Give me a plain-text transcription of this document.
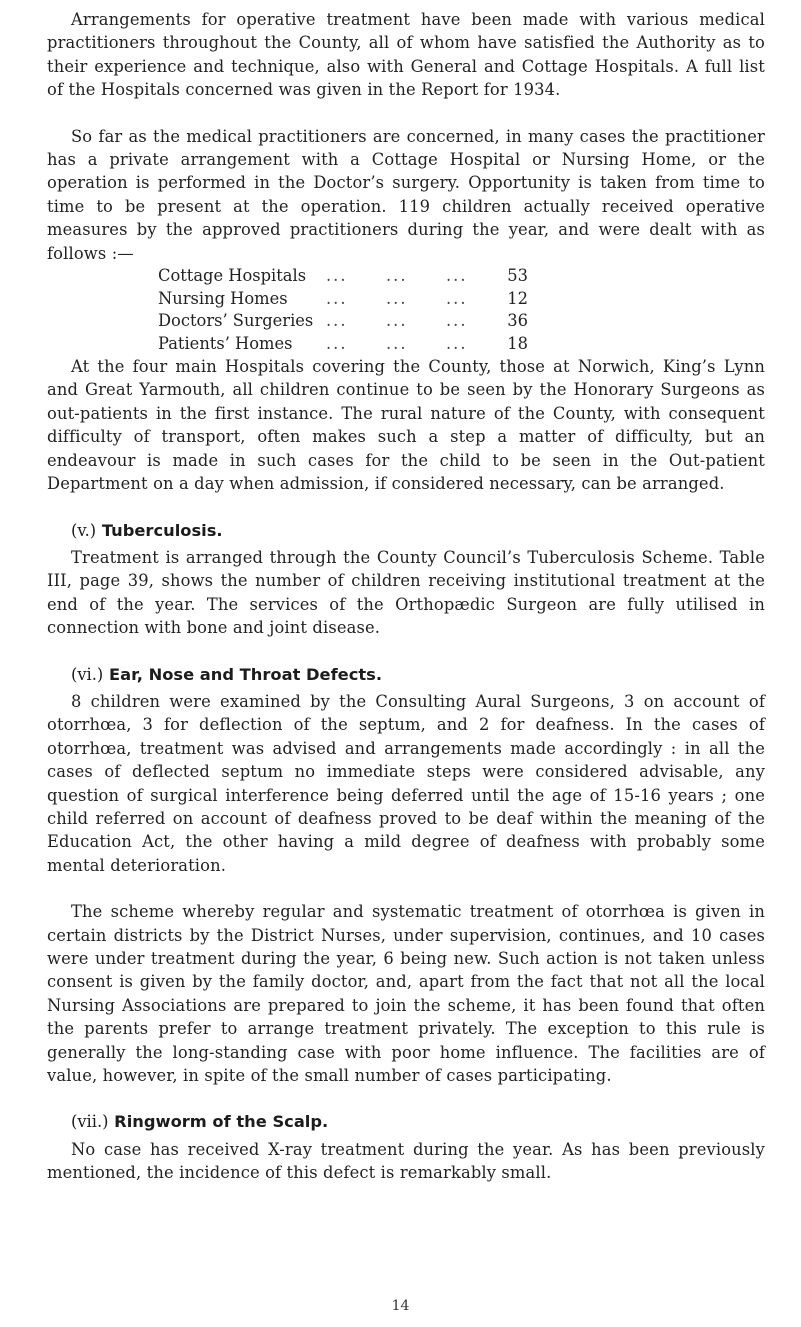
Arrangements for operative treatment have been made with various medical practitioners throughout the County, all of whom have satisfied the Authority as to their experience and technique, also with General and Cottage Hospitals. A full list of the Hospitals concerned was given in the Report for 1934.

So far as the medical practitioners are concerned, in many cases the practitioner has a private arrangement with a Cottage Hospital or Nursing Home, or the operation is performed in the Doctor’s surgery. Opportunity is taken from time to time to be present at the operation. 119 children actually received operative measures by the approved practitioners during the year, and were dealt with as follows :—

Cottage Hospitals	... ... ...	53
Nursing Homes	... ... ...	12
Doctors’ Surgeries	... ... ...	36
Patients’ Homes	... ... ...	18

At the four main Hospitals covering the County, those at Norwich, King’s Lynn and Great Yarmouth, all children continue to be seen by the Honorary Surgeons as out-patients in the first instance. The rural nature of the County, with consequent difficulty of transport, often makes such a step a matter of difficulty, but an endeavour is made in such cases for the child to be seen in the Out-patient Department on a day when admission, if considered necessary, can be arranged.

(v.) Tuberculosis.

Treatment is arranged through the County Council’s Tuberculosis Scheme. Table III, page 39, shows the number of children receiving institutional treatment at the end of the year. The services of the Orthopædic Surgeon are fully utilised in connection with bone and joint disease.

(vi.) Ear, Nose and Throat Defects.

8 children were examined by the Consulting Aural Surgeons, 3 on account of otorrhœa, 3 for deflection of the septum, and 2 for deafness. In the cases of otorrhœa, treatment was advised and arrangements made accordingly : in all the cases of deflected septum no immediate steps were considered advisable, any question of surgical interference being deferred until the age of 15-16 years ; one child referred on account of deafness proved to be deaf within the meaning of the Education Act, the other having a mild degree of deafness with probably some mental deterioration.

The scheme whereby regular and systematic treatment of otorrhœa is given in certain districts by the District Nurses, under supervision, continues, and 10 cases were under treatment during the year, 6 being new. Such action is not taken unless consent is given by the family doctor, and, apart from the fact that not all the local Nursing Associations are prepared to join the scheme, it has been found that often the parents prefer to arrange treatment privately. The exception to this rule is generally the long-standing case with poor home influence. The facilities are of value, however, in spite of the small number of cases participating.

(vii.) Ringworm of the Scalp.

No case has received X-ray treatment during the year. As has been previously mentioned, the incidence of this defect is remarkably small.

14
